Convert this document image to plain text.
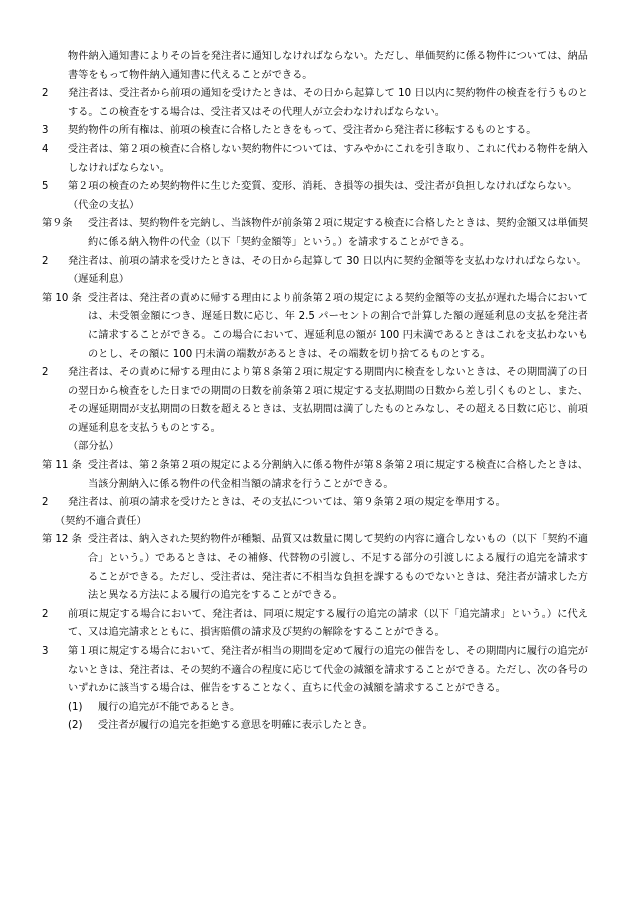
物件納入通知書によりその旨を発注者に通知しなければならない。ただし、単価契約に係る物件については、納品書等をもって物件納入通知書に代えることができる。
2	発注者は、受注者から前項の通知を受けたときは、その日から起算して 10 日以内に契約物件の検査を行うものとする。この検査をする場合は、受注者又はその代理人が立会わなければならない。
3	契約物件の所有権は、前項の検査に合格したときをもって、受注者から発注者に移転するものとする。
4	受注者は、第２項の検査に合格しない契約物件については、すみやかにこれを引き取り、これに代わる物件を納入しなければならない。
5	第２項の検査のため契約物件に生じた変質、変形、消耗、き損等の損失は、受注者が負担しなければならない。
（代金の支払）
第９条	受注者は、契約物件を完納し、当該物件が前条第２項に規定する検査に合格したときは、契約金額又は単価契約に係る納入物件の代金（以下「契約金額等」という。）を請求することができる。
2	発注者は、前項の請求を受けたときは、その日から起算して 30 日以内に契約金額等を支払わなければならない。
（遅延利息）
第 10 条 受注者は、発注者の責めに帰する理由により前条第２項の規定による契約金額等の支払が遅れた場合においては、未受領金額につき、遅延日数に応じ、年 2.5 パーセントの割合で計算した額の遅延利息の支払を発注者に請求することができる。この場合において、遅延利息の額が 100 円未満であるときはこれを支払わないものとし、その額に 100 円未満の端数があるときは、その端数を切り捨てるものとする。
2	発注者は、その責めに帰する理由により第８条第２項に規定する期間内に検査をしないときは、その期間満了の日の翌日から検査をした日までの期間の日数を前条第２項に規定する支払期間の日数から差し引くものとし、また、その遅延期間が支払期間の日数を超えるときは、支払期間は満了したものとみなし、その超える日数に応じ、前項の遅延利息を支払うものとする。
（部分払）
第 11 条 受注者は、第２条第２項の規定による分割納入に係る物件が第８条第２項に規定する検査に合格したときは、当該分割納入に係る物件の代金相当額の請求を行うことができる。
2	発注者は、前項の請求を受けたときは、その支払については、第９条第２項の規定を準用する。
（契約不適合責任）
第 12 条 受注者は、納入された契約物件が種類、品質又は数量に関して契約の内容に適合しないもの（以下「契約不適合」という。）であるときは、その補修、代替物の引渡し、不足する部分の引渡しによる履行の追完を請求することができる。ただし、受注者は、発注者に不相当な負担を課するものでないときは、発注者が請求した方法と異なる方法による履行の追完をすることができる。
2	前項に規定する場合において、発注者は、同項に規定する履行の追完の請求（以下「追完請求」という。）に代えて、又は追完請求とともに、損害賠償の請求及び契約の解除をすることができる。
3	第１項に規定する場合において、発注者が相当の期間を定めて履行の追完の催告をし、その期間内に履行の追完がないときは、発注者は、その契約不適合の程度に応じて代金の減額を請求することができる。ただし、次の各号のいずれかに該当する場合は、催告をすることなく、直ちに代金の減額を請求することができる。
(1)	履行の追完が不能であるとき。
(2)	受注者が履行の追完を拒絶する意思を明確に表示したとき。
